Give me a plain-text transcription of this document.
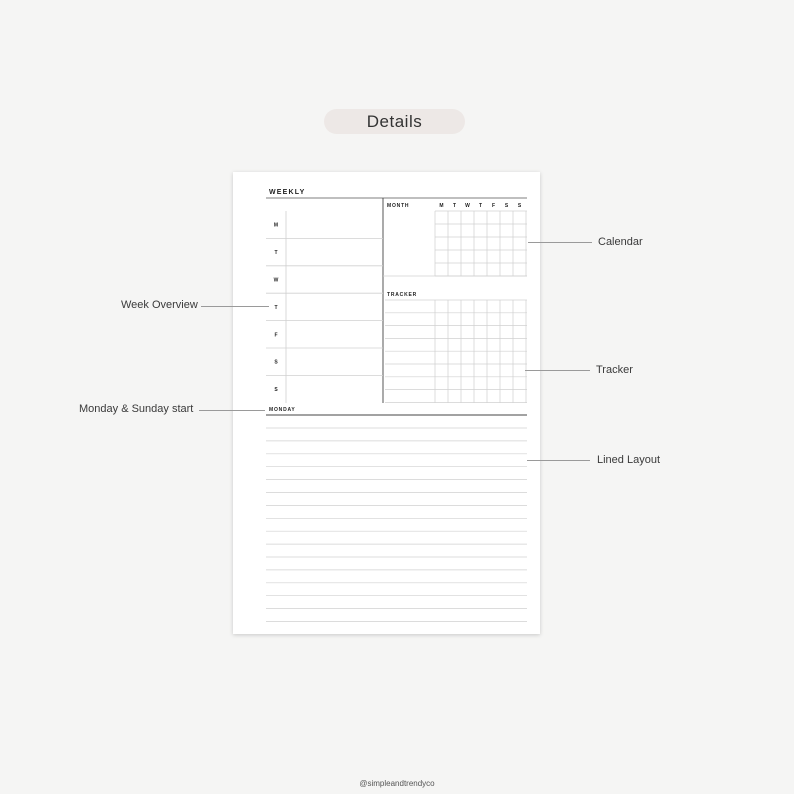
Details
WEEKLY
M
T
W
T
F
S
S
MONTH	M T W T F S S
TRACKER
MONDAY
Calendar
Week Overview
Tracker
Monday & Sunday start
Lined Layout
@simpleandtrendyco
